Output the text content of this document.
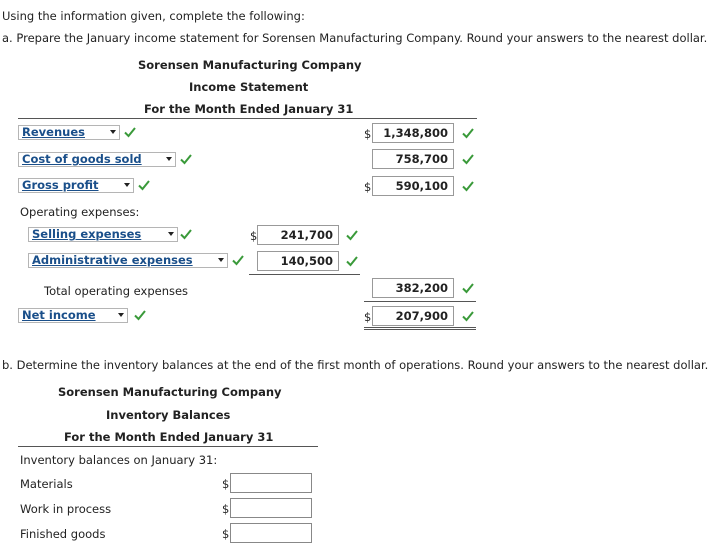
Using the information given, complete the following:
a. Prepare the January income statement for Sorensen Manufacturing Company. Round your answers to the nearest dollar.
Sorensen Manufacturing Company
Income Statement
For the Month Ended January 31
Revenues	$	1,348,800
Cost of goods sold	758,700
Gross profit	$	590,100
Operating expenses:
Selling expenses	$	241,700
Administrative expenses	140,500
Total operating expenses	382,200
Net income	$	207,900
b. Determine the inventory balances at the end of the first month of operations. Round your answers to the nearest dollar.
Sorensen Manufacturing Company
Inventory Balances
For the Month Ended January 31
Inventory balances on January 31:
Materials	$
Work in process	$
Finished goods	$
